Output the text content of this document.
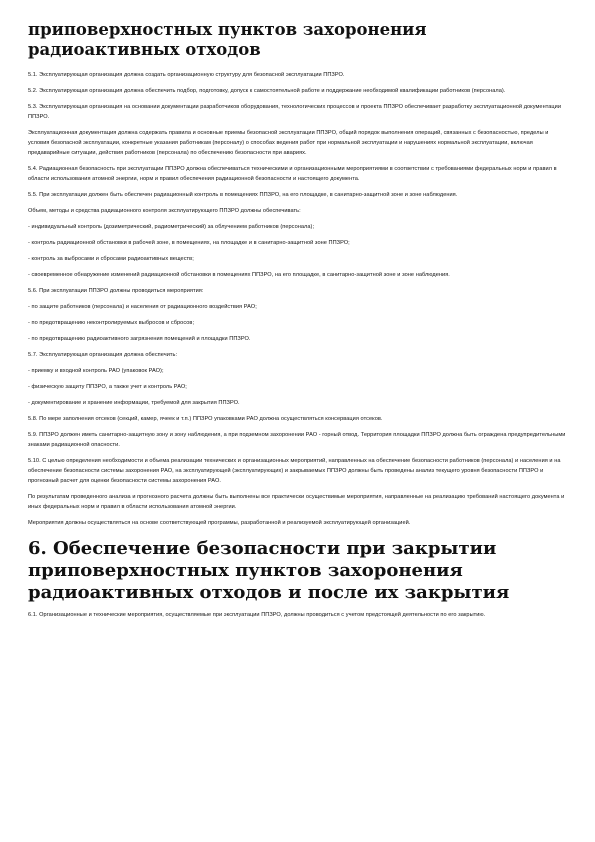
приповерхностных пунктов захоронения радиоактивных отходов

5.1. Эксплуатирующая организация должна создать организационную структуру для безопасной эксплуатации ППЗРО.

5.2. Эксплуатирующая организация должна обеспечить подбор, подготовку, допуск к самостоятельной работе и поддержание необходимой квалификации работников (персонала).

5.3. Эксплуатирующая организация на основании документации разработчиков оборудования, технологических процессов и проекта ППЗРО обеспечивает разработку эксплуатационной документации ППЗРО.

Эксплуатационная документация должна содержать правила и основные приемы безопасной эксплуатации ППЗРО, общий порядок выполнения операций, связанных с безопасностью, пределы и условия безопасной эксплуатации, конкретные указания работникам (персоналу) о способах ведения работ при нормальной эксплуатации и нарушениях нормальной эксплуатации, включая предаварийные ситуации, действия работников (персонала) по обеспечению безопасности при авариях.

5.4. Радиационная безопасность при эксплуатации ППЗРО должна обеспечиваться техническими и организационными мероприятиями в соответствии с требованиями федеральных норм и правил в области использования атомной энергии, норм и правил обеспечения радиационной безопасности и настоящего документа.

5.5. При эксплуатации должен быть обеспечен радиационный контроль в помещениях ППЗРО, на его площадке, в санитарно-защитной зоне и зоне наблюдения.

Объем, методы и средства радиационного контроля эксплуатирующего ППЗРО должны обеспечивать:

- индивидуальный контроль (дозиметрический, радиометрический) за облучением работников (персонала);

- контроль радиационной обстановки в рабочей зоне, в помещениях, на площадке и в санитарно-защитной зоне ППЗРО;

- контроль за выбросами и сбросами радиоактивных веществ;

- своевременное обнаружение изменений радиационной обстановки в помещениях ППЗРО, на его площадке, в санитарно-защитной зоне и зоне наблюдения.

5.6. При эксплуатации ППЗРО должны проводиться мероприятия:

- по защите работников (персонала) и населения от радиационного воздействия РАО;

- по предотвращению неконтролируемых выбросов и сбросов;

- по предотвращению радиоактивного загрязнения помещений и площадки ППЗРО.

5.7. Эксплуатирующая организация должна обеспечить:

- приемку и входной контроль РАО (упаковок РАО);

- физическую защиту ППЗРО, а также учет и контроль РАО;

- документирование и хранение информации, требуемой для закрытия ППЗРО.

5.8. По мере заполнения отсеков (секций, камер, ячеек и т.п.) ППЗРО упаковками РАО должна осуществляться консервация отсеков.

5.9. ППЗРО должен иметь санитарно-защитную зону и зону наблюдения, а при подземном захоронении РАО - горный отвод. Территория площадки ППЗРО должна быть ограждена предупредительными знаками радиационной опасности.

5.10. С целью определения необходимости и объема реализации технических и организационных мероприятий, направленных на обеспечение безопасности работников (персонала) и населения и на обеспечение безопасности системы захоронения РАО, на эксплуатирующей (эксплуатирующих) и закрываемых ППЗРО должны быть проведены анализ текущего уровня безопасности ППЗРО и прогнозный расчет для оценки безопасности системы захоронения РАО.

По результатам проведенного анализа и прогнозного расчета должны быть выполнены все практически осуществимые мероприятия, направленные на реализацию требований настоящего документа и иных федеральных норм и правил в области использования атомной энергии.

Мероприятия должны осуществляться на основе соответствующей программы, разработанной и реализуемой эксплуатирующей организацией.

6. Обеспечение безопасности при закрытии приповерхностных пунктов захоронения радиоактивных отходов и после их закрытия

6.1. Организационные и технические мероприятия, осуществляемые при эксплуатации ППЗРО, должны проводиться с учетом предстоящей деятельности по его закрытию.
